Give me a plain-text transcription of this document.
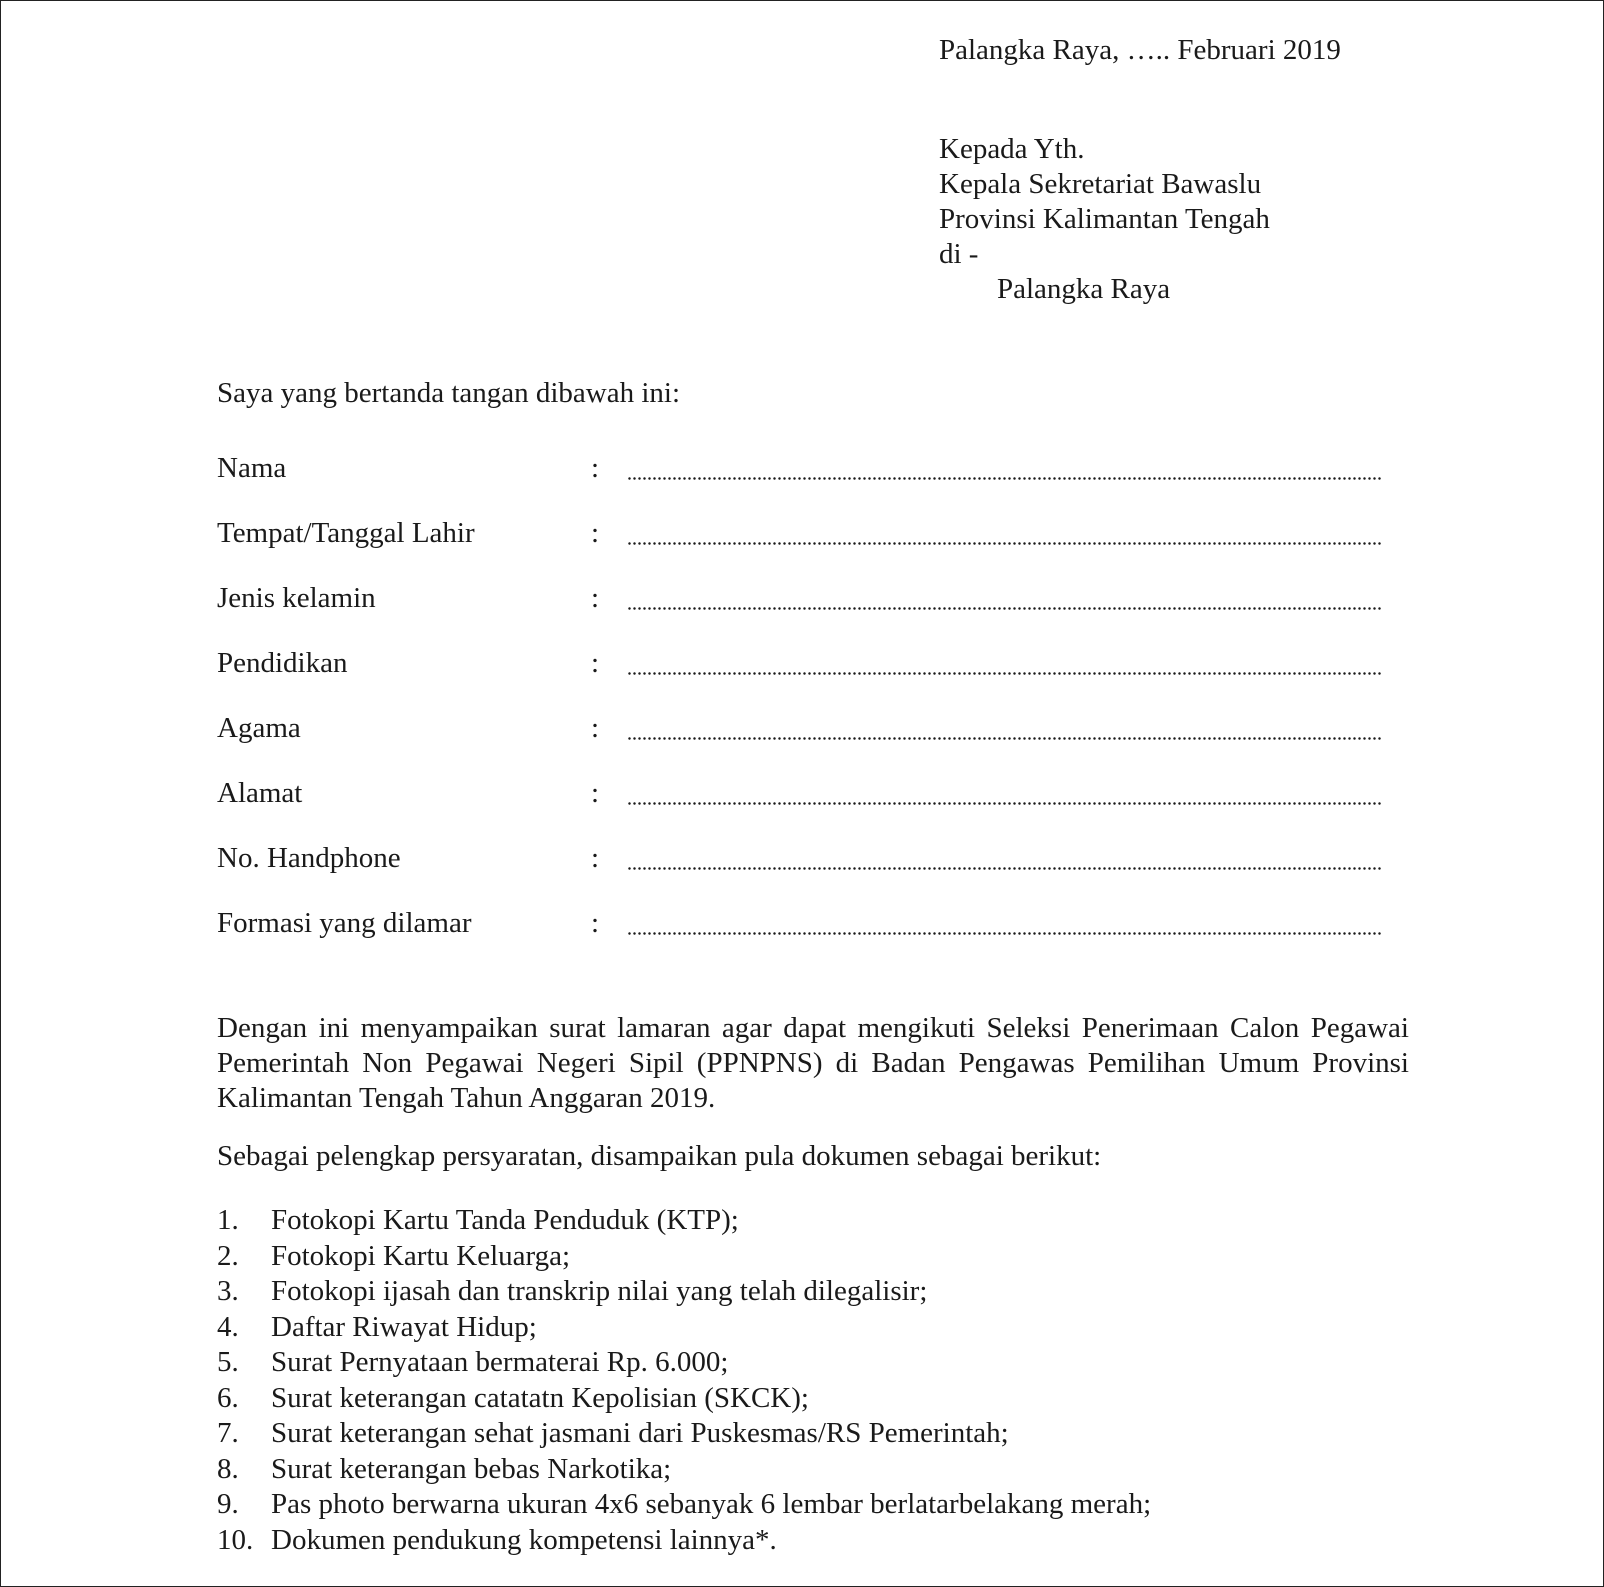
Palangka Raya, ….. Februari 2019
Kepada Yth.
Kepala Sekretariat Bawaslu
Provinsi Kalimantan Tengah
di -
Palangka Raya
Saya yang bertanda tangan dibawah ini:
Nama	:
Tempat/Tanggal Lahir	:
Jenis kelamin	:
Pendidikan	:
Agama	:
Alamat	:
No. Handphone	:
Formasi yang dilamar	:
Dengan ini menyampaikan surat lamaran agar dapat mengikuti Seleksi Penerimaan Calon Pegawai Pemerintah Non Pegawai Negeri Sipil (PPNPNS) di Badan Pengawas Pemilihan Umum Provinsi Kalimantan Tengah Tahun Anggaran 2019.
Sebagai pelengkap persyaratan, disampaikan pula dokumen sebagai berikut:
1. Fotokopi Kartu Tanda Penduduk (KTP);
2. Fotokopi Kartu Keluarga;
3. Fotokopi ijasah dan transkrip nilai yang telah dilegalisir;
4. Daftar Riwayat Hidup;
5. Surat Pernyataan bermaterai Rp. 6.000;
6. Surat keterangan catatatn Kepolisian (SKCK);
7. Surat keterangan sehat jasmani dari Puskesmas/RS Pemerintah;
8. Surat keterangan bebas Narkotika;
9. Pas photo berwarna ukuran 4x6 sebanyak 6 lembar berlatarbelakang merah;
10. Dokumen pendukung kompetensi lainnya*.
